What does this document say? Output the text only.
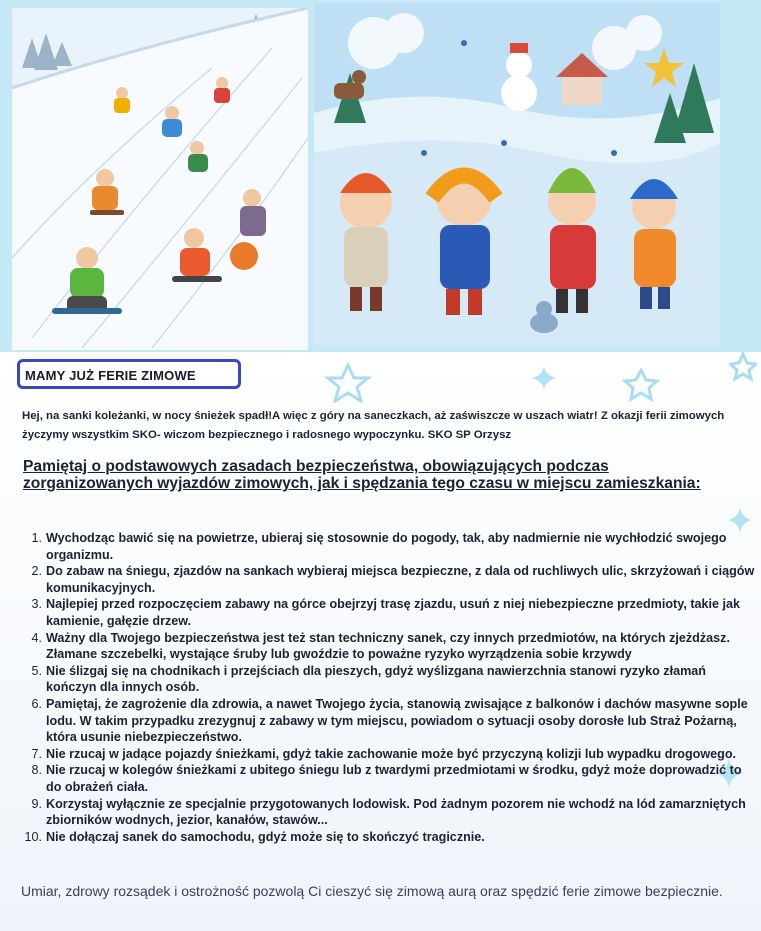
MAMY JUŻ FERIE ZIMOWE
Hej, na sanki koleżanki, w nocy śnieżek spadł!A więc z góry na saneczkach, aż zaświszcze w uszach wiatr! Z okazji ferii zimowych życzymy wszystkim SKO- wiczom bezpiecznego i radosnego wypoczynku. SKO SP Orzysz
Pamiętaj o podstawowych zasadach bezpieczeństwa, obowiązujących podczas zorganizowanych wyjazdów zimowych, jak i spędzania tego czasu w miejscu zamieszkania:
1. Wychodząc bawić się na powietrze, ubieraj się stosownie do pogody, tak, aby nadmiernie nie wychłodzić swojego organizmu.
2. Do zabaw na śniegu, zjazdów na sankach wybieraj miejsca bezpieczne, z dala od ruchliwych ulic, skrzyżowań i ciągów komunikacyjnych.
3. Najlepiej przed rozpoczęciem zabawy na górce obejrzyj trasę zjazdu, usuń z niej niebezpieczne przedmioty, takie jak kamienie, gałęzie drzew.
4. Ważny dla Twojego bezpieczeństwa jest też stan techniczny sanek, czy innych przedmiotów, na których zjeżdżasz. Złamane szczebelki, wystające śruby lub gwoździe to poważne ryzyko wyrządzenia sobie krzywdy
5. Nie ślizgaj się na chodnikach i przejściach dla pieszych, gdyż wyślizgana nawierzchnia stanowi ryzyko złamań kończyn dla innych osób.
6. Pamiętaj, że zagrożenie dla zdrowia, a nawet Twojego życia, stanowią zwisające z balkonów i dachów masywne sople lodu. W takim przypadku zrezygnuj z zabawy w tym miejscu, powiadom o sytuacji osoby dorosłe lub Straż Pożarną, która usunie niebezpieczeństwo.
7. Nie rzucaj w jadące pojazdy śnieżkami, gdyż takie zachowanie może być przyczyną kolizji lub wypadku drogowego.
8. Nie rzucaj w kolegów śnieżkami z ubitego śniegu lub z twardymi przedmiotami w środku, gdyż może doprowadzić to do obrażeń ciała.
9. Korzystaj wyłącznie ze specjalnie przygotowanych lodowisk. Pod żadnym pozorem nie wchodź na lód zamarzniętych zbiorników wodnych, jezior, kanałów, stawów...
10. Nie dołączaj sanek do samochodu, gdyż może się to skończyć tragicznie.
Umiar, zdrowy rozsądek i ostrożność pozwolą Ci cieszyć się zimową aurą oraz spędzić ferie zimowe bezpiecznie.
